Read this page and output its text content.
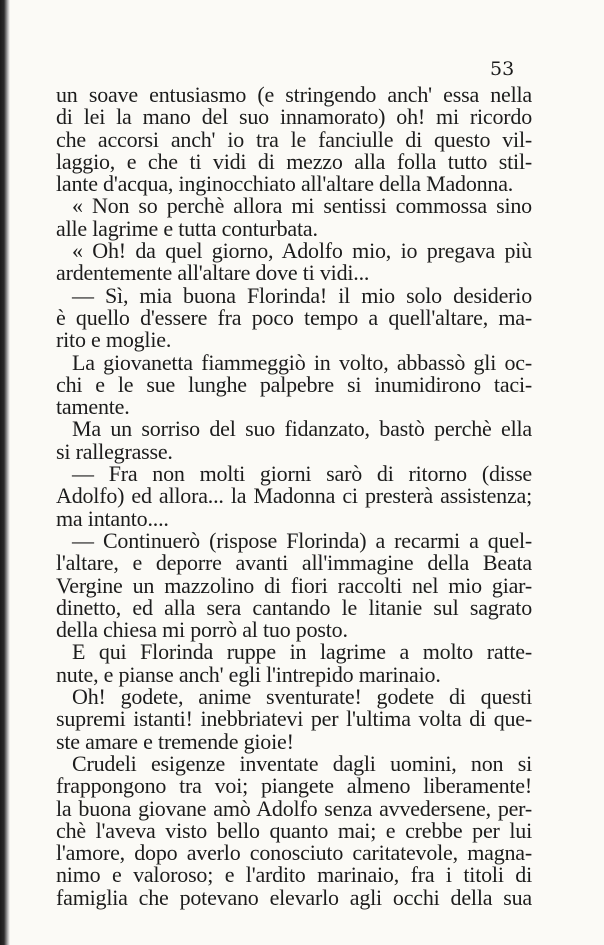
53
un soave entusiasmo (e stringendo anch' essa nella
di lei la mano del suo innamorato) oh! mi ricordo
che accorsi anch' io tra le fanciulle di questo vil-
laggio, e che ti vidi di mezzo alla folla tutto stil-
lante d'acqua, inginocchiato all'altare della Madonna.
« Non so perchè allora mi sentissi commossa sino
alle lagrime e tutta conturbata.
« Oh! da quel giorno, Adolfo mio, io pregava più
ardentemente all'altare dove ti vidi...
— Sì, mia buona Florinda! il mio solo desiderio
è quello d'essere fra poco tempo a quell'altare, ma-
rito e moglie.
La giovanetta fiammeggiò in volto, abbassò gli oc-
chi e le sue lunghe palpebre si inumidirono taci-
tamente.
Ma un sorriso del suo fidanzato, bastò perchè ella
si rallegrasse.
— Fra non molti giorni sarò di ritorno (disse
Adolfo) ed allora... la Madonna ci presterà assistenza;
ma intanto....
— Continuerò (rispose Florinda) a recarmi a quel-
l'altare, e deporre avanti all'immagine della Beata
Vergine un mazzolino di fiori raccolti nel mio giar-
dinetto, ed alla sera cantando le litanie sul sagrato
della chiesa mi porrò al tuo posto.
E qui Florinda ruppe in lagrime a molto ratte-
nute, e pianse anch' egli l'intrepido marinaio.
Oh! godete, anime sventurate! godete di questi
supremi istanti! inebbriatevi per l'ultima volta di que-
ste amare e tremende gioie!
Crudeli esigenze inventate dagli uomini, non si
frappongono tra voi; piangete almeno liberamente!
la buona giovane amò Adolfo senza avvedersene, per-
chè l'aveva visto bello quanto mai; e crebbe per lui
l'amore, dopo averlo conosciuto caritatevole, magna-
nimo e valoroso; e l'ardito marinaio, fra i titoli di
famiglia che potevano elevarlo agli occhi della sua
